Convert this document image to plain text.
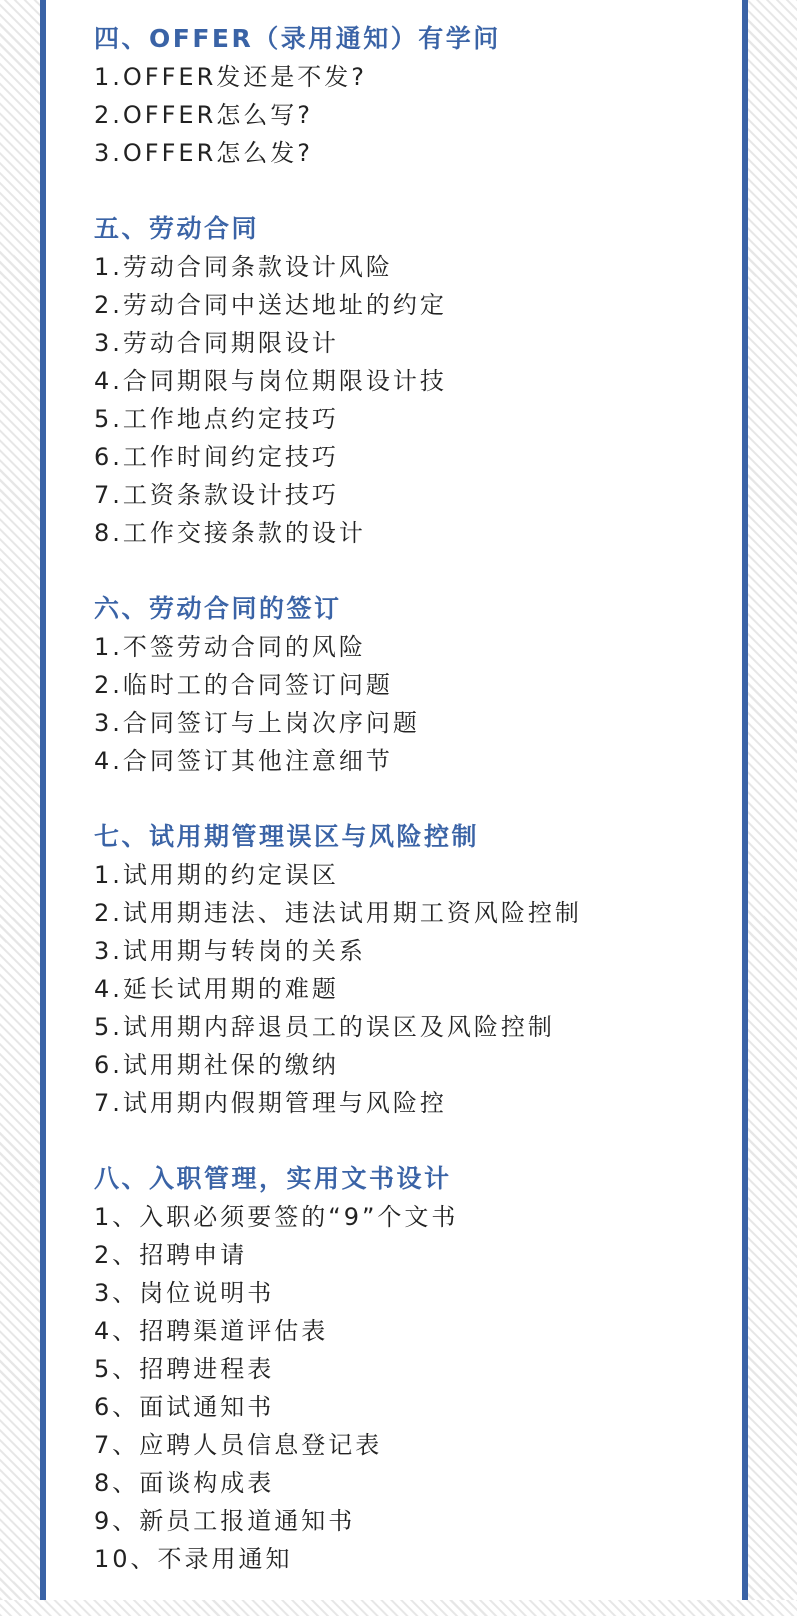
四、OFFER（录用通知）有学问
1.OFFER发还是不发?
2.OFFER怎么写?
3.OFFER怎么发?
五、劳动合同
1.劳动合同条款设计风险
2.劳动合同中送达地址的约定
3.劳动合同期限设计
4.合同期限与岗位期限设计技
5.工作地点约定技巧
6.工作时间约定技巧
7.工资条款设计技巧
8.工作交接条款的设计
六、劳动合同的签订
1.不签劳动合同的风险
2.临时工的合同签订问题
3.合同签订与上岗次序问题
4.合同签订其他注意细节
七、试用期管理误区与风险控制
1.试用期的约定误区
2.试用期违法、违法试用期工资风险控制
3.试用期与转岗的关系
4.延长试用期的难题
5.试用期内辞退员工的误区及风险控制
6.试用期社保的缴纳
7.试用期内假期管理与风险控
八、入职管理，实用文书设计
1、入职必须要签的“9”个文书
2、招聘申请
3、岗位说明书
4、招聘渠道评估表
5、招聘进程表
6、面试通知书
7、应聘人员信息登记表
8、面谈构成表
9、新员工报道通知书
10、不录用通知
